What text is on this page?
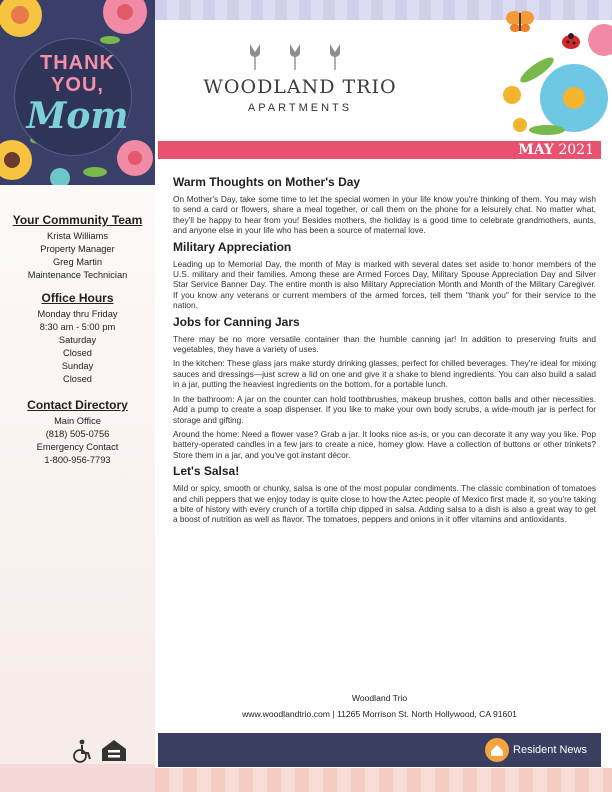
THANK
YOU,
Mom
Your Community Team
Krista Williams
Property Manager
Greg Martin
Maintenance Technician
Office Hours
Monday thru Friday
8:30 am - 5:00 pm
Saturday
Closed
Sunday
Closed
Contact Directory
Main Office
(818) 505-0756
Emergency Contact
1-800-956-7793
WOODLAND TRIO
APARTMENTS
MAY 2021
Warm Thoughts on Mother's Day

On Mother's Day, take some time to let the special women in your life know you're thinking of them. You may wish to send a card or flowers, share a meal together, or call them on the phone for a leisurely chat. No matter what, they'll be happy to hear from you! Besides mothers, the holiday is a good time to celebrate grandmothers, aunts, and anyone else in your life who has been a source of maternal love.

Military Appreciation

Leading up to Memorial Day, the month of May is marked with several dates set aside to honor members of the U.S. military and their families. Among these are Armed Forces Day, Military Spouse Appreciation Day and Silver Star Service Banner Day. The entire month is also Military Appreciation Month and Month of the Military Caregiver. If you know any veterans or current members of the armed forces, tell them "thank you" for their service to the nation.

Jobs for Canning Jars

There may be no more versatile container than the humble canning jar! In addition to preserving fruits and vegetables, they have a variety of uses.

In the kitchen: These glass jars make sturdy drinking glasses, perfect for chilled beverages. They're ideal for mixing sauces and dressings—just screw a lid on one and give it a shake to blend ingredients. You can also build a salad in a jar, putting the heaviest ingredients on the bottom, for a portable lunch.

In the bathroom: A jar on the counter can hold toothbrushes, makeup brushes, cotton balls and other necessities. Add a pump to create a soap dispenser. If you like to make your own body scrubs, a wide-mouth jar is perfect for storage and gifting.

Around the home: Need a flower vase? Grab a jar. It looks nice as-is, or you can decorate it any way you like. Pop battery-operated candles in a few jars to create a nice, homey glow. Have a collection of buttons or other trinkets? Store them in a jar, and you've got instant décor.

Let's Salsa!

Mild or spicy, smooth or chunky, salsa is one of the most popular condiments. The classic combination of tomatoes and chili peppers that we enjoy today is quite close to how the Aztec people of Mexico first made it, so you're taking a bite of history with every crunch of a tortilla chip dipped in salsa. Adding salsa to a dish is also a great way to get a boost of nutrition as well as flavor. The tomatoes, peppers and onions in it offer vitamins and antioxidants.

Woodland Trio
www.woodlandtrio.com | 11265 Morrison St. North Hollywood, CA 91601
Resident News
